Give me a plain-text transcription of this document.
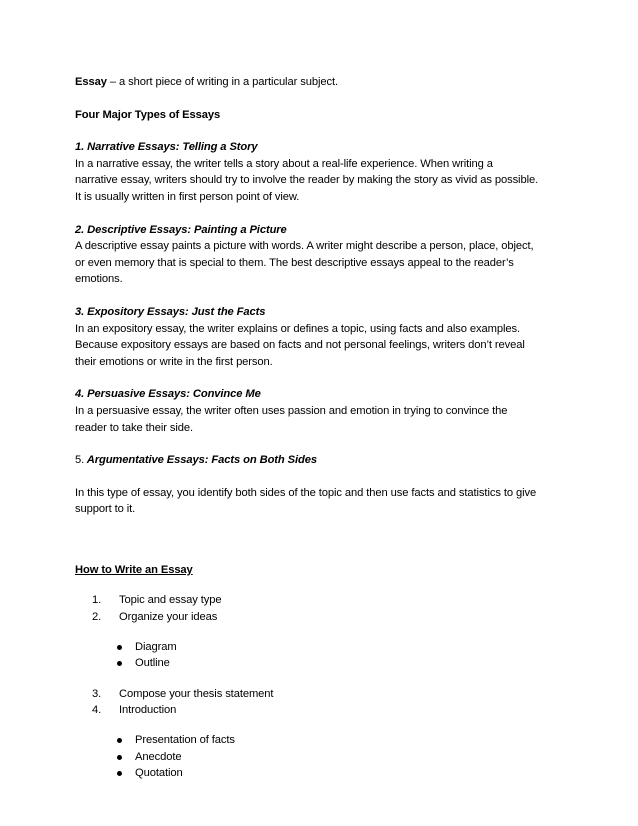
Essay – a short piece of writing in a particular subject.

Four Major Types of Essays

1. Narrative Essays: Telling a Story

In a narrative essay, the writer tells a story about a real-life experience. When writing a

narrative essay, writers should try to involve the reader by making the story as vivid as possible.

It is usually written in first person point of view.

2. Descriptive Essays: Painting a Picture

A descriptive essay paints a picture with words. A writer might describe a person, place, object,

or even memory that is special to them. The best descriptive essays appeal to the reader’s

emotions.

3. Expository Essays: Just the Facts

In an expository essay, the writer explains or defines a topic, using facts and also examples.

Because expository essays are based on facts and not personal feelings, writers don’t reveal

their emotions or write in the first person.

4. Persuasive Essays: Convince Me

In a persuasive essay, the writer often uses passion and emotion in trying to convince the

reader to take their side.

5. Argumentative Essays: Facts on Both Sides

In this type of essay, you identify both sides of the topic and then use facts and statistics to give

support to it.

How to Write an Essay

1. Topic and essay type
2. Organize your ideas
Diagram
Outline
3. Compose your thesis statement
4. Introduction
Presentation of facts
Anecdote
Quotation
